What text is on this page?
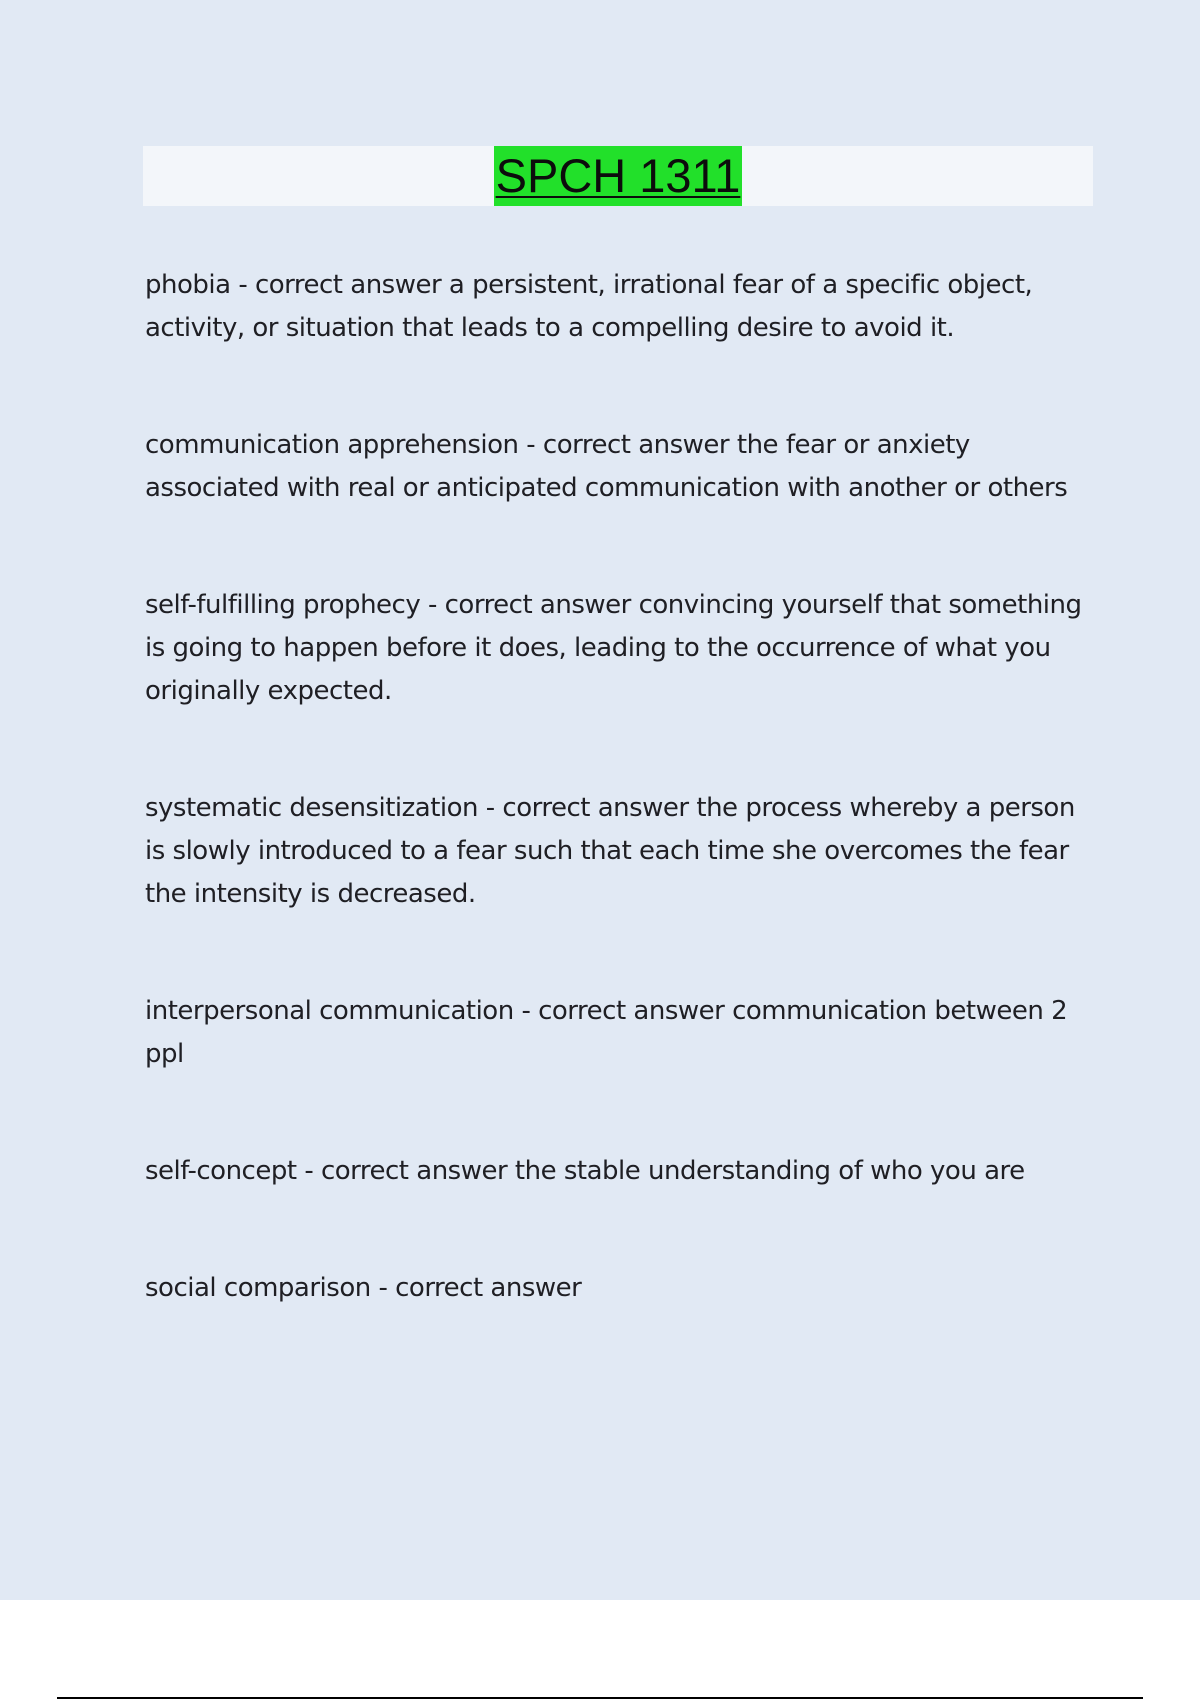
SPCH 1311
phobia - correct answer a persistent, irrational fear of a specific object, activity, or situation that leads to a compelling desire to avoid it.
communication apprehension - correct answer the fear or anxiety associated with real or anticipated communication with another or others
self-fulfilling prophecy - correct answer convincing yourself that something is going to happen before it does, leading to the occurrence of what you originally expected.
systematic desensitization - correct answer the process whereby a person is slowly introduced to a fear such that each time she overcomes the fear the intensity is decreased.
interpersonal communication - correct answer communication between 2 ppl
self-concept - correct answer the stable understanding of who you are
social comparison - correct answer
